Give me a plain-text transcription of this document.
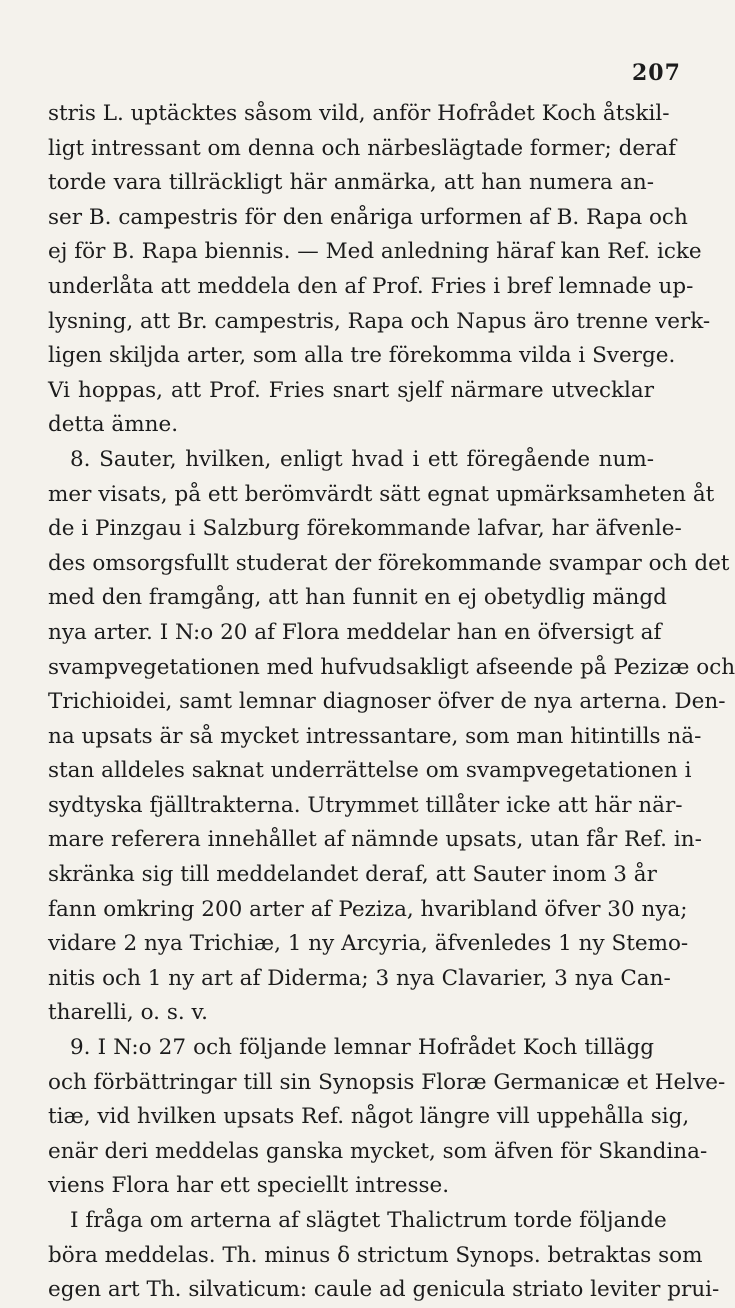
207
stris L. uptäcktes såsom vild, anför Hofrådet Koch åtskil-
ligt intressant om denna och närbeslägtade former; deraf
torde vara tillräckligt här anmärka, att han numera an-
ser B. campestris för den enåriga urformen af B. Rapa och
ej för B. Rapa biennis. — Med anledning häraf kan Ref. icke
underlåta att meddela den af Prof. Fries i bref lemnade up-
lysning, att Br. campestris, Rapa och Napus äro trenne verk-
ligen skiljda arter, som alla tre förekomma vilda i Sverge.
Vi hoppas, att Prof. Fries snart sjelf närmare utvecklar
detta ämne.
8. Sauter, hvilken, enligt hvad i ett föregående num-
mer visats, på ett berömvärdt sätt egnat upmärksamheten åt
de i Pinzgau i Salzburg förekommande lafvar, har äfvenle-
des omsorgsfullt studerat der förekommande svampar och det
med den framgång, att han funnit en ej obetydlig mängd
nya arter. I N:o 20 af Flora meddelar han en öfversigt af
svampvegetationen med hufvudsakligt afseende på Pezizæ och
Trichioidei, samt lemnar diagnoser öfver de nya arterna. Den-
na upsats är så mycket intressantare, som man hitintills nä-
stan alldeles saknat underrättelse om svampvegetationen i
sydtyska fjälltrakterna. Utrymmet tillåter icke att här när-
mare referera innehållet af nämnde upsats, utan får Ref. in-
skränka sig till meddelandet deraf, att Sauter inom 3 år
fann omkring 200 arter af Peziza, hvaribland öfver 30 nya;
vidare 2 nya Trichiæ, 1 ny Arcyria, äfvenledes 1 ny Stemo-
nitis och 1 ny art af Diderma; 3 nya Clavarier, 3 nya Can-
tharelli, o. s. v.
9. I N:o 27 och följande lemnar Hofrådet Koch tillägg
och förbättringar till sin Synopsis Floræ Germanicæ et Helve-
tiæ, vid hvilken upsats Ref. något längre vill uppehålla sig,
enär deri meddelas ganska mycket, som äfven för Skandina-
viens Flora har ett speciellt intresse.
I fråga om arterna af slägtet Thalictrum torde följande
böra meddelas. Th. minus δ strictum Synops. betraktas som
egen art Th. silvaticum: caule ad genicula striato leviter prui-
